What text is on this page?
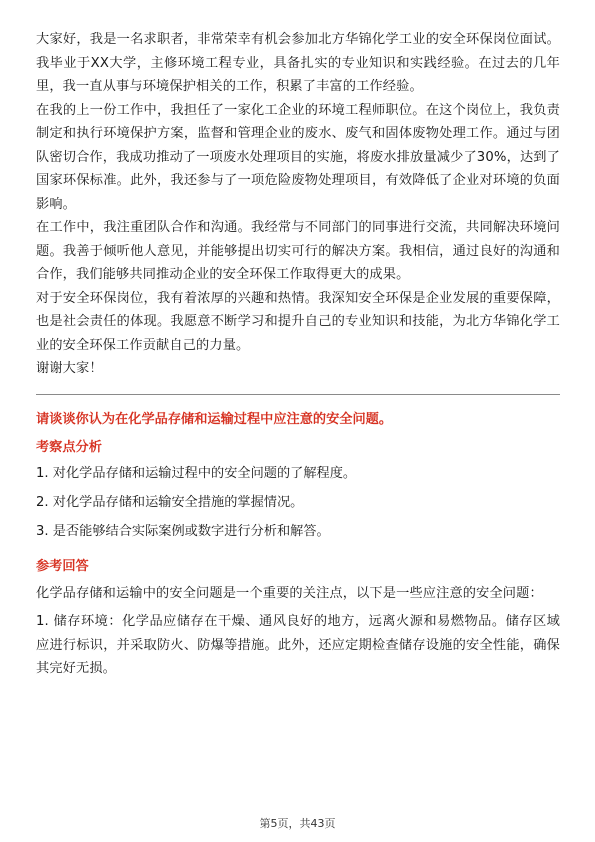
大家好，我是一名求职者，非常荣幸有机会参加北方华锦化学工业的安全环保岗位面试。我毕业于XX大学，主修环境工程专业，具备扎实的专业知识和实践经验。在过去的几年里，我一直从事与环境保护相关的工作，积累了丰富的工作经验。

在我的上一份工作中，我担任了一家化工企业的环境工程师职位。在这个岗位上，我负责制定和执行环境保护方案，监督和管理企业的废水、废气和固体废物处理工作。通过与团队密切合作，我成功推动了一项废水处理项目的实施，将废水排放量减少了30%，达到了国家环保标准。此外，我还参与了一项危险废物处理项目，有效降低了企业对环境的负面影响。

在工作中，我注重团队合作和沟通。我经常与不同部门的同事进行交流，共同解决环境问题。我善于倾听他人意见，并能够提出切实可行的解决方案。我相信，通过良好的沟通和合作，我们能够共同推动企业的安全环保工作取得更大的成果。

对于安全环保岗位，我有着浓厚的兴趣和热情。我深知安全环保是企业发展的重要保障，也是社会责任的体现。我愿意不断学习和提升自己的专业知识和技能，为北方华锦化学工业的安全环保工作贡献自己的力量。

谢谢大家！

请谈谈你认为在化学品存储和运输过程中应注意的安全问题。

考察点分析

1. 对化学品存储和运输过程中的安全问题的了解程度。

2. 对化学品存储和运输安全措施的掌握情况。

3. 是否能够结合实际案例或数字进行分析和解答。

参考回答

化学品存储和运输中的安全问题是一个重要的关注点，以下是一些应注意的安全问题：

1. 储存环境：化学品应储存在干燥、通风良好的地方，远离火源和易燃物品。储存区域应进行标识，并采取防火、防爆等措施。此外，还应定期检查储存设施的安全性能，确保其完好无损。

第5页，共43页
